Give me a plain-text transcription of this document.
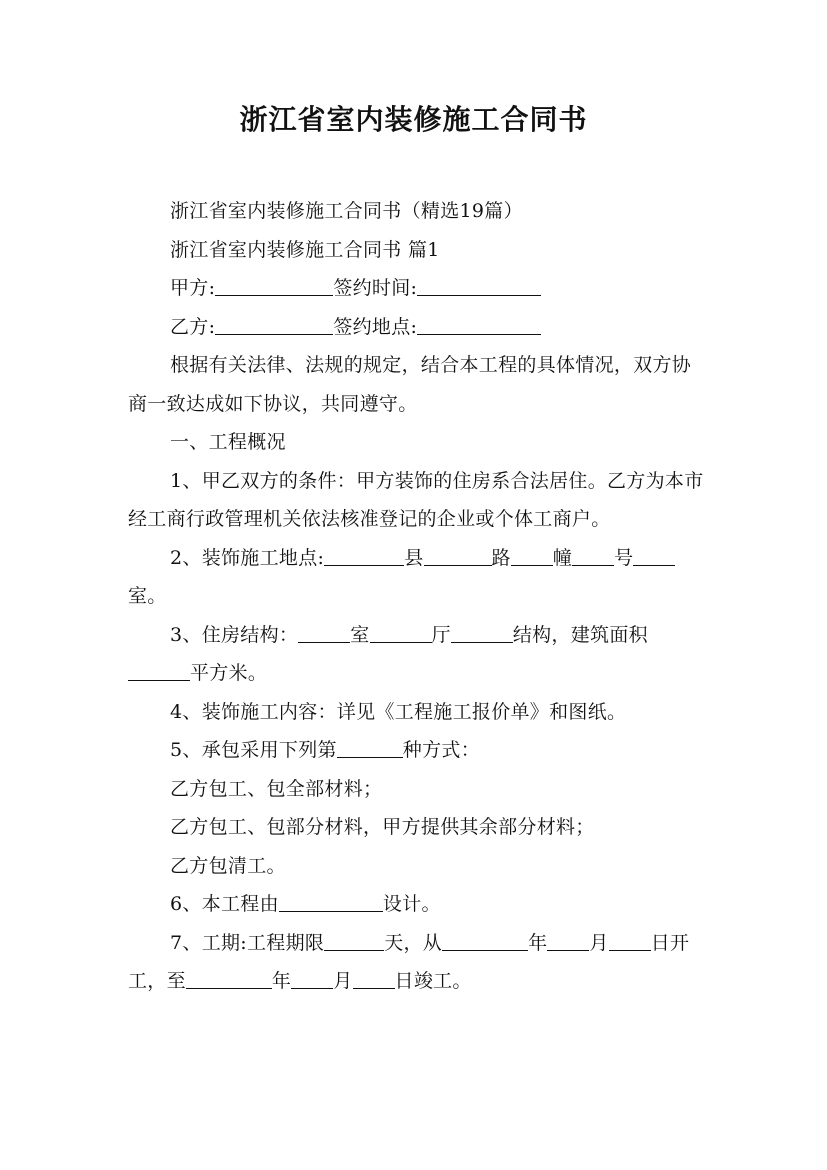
浙江省室内装修施工合同书

浙江省室内装修施工合同书（精选19篇）

浙江省室内装修施工合同书 篇1

甲方:	签约时间:

乙方:	签约地点:

根据有关法律、法规的规定，结合本工程的具体情况，双方协商一致达成如下协议，共同遵守。

一、工程概况

1、甲乙双方的条件：甲方装饰的住房系合法居住。乙方为本市经工商行政管理机关依法核准登记的企业或个体工商户。

2、装饰施工地点:	县	路 幢 号室。

3、住房结构：	室	厅	结构，建筑面积平方米。

4、装饰施工内容：详见《工程施工报价单》和图纸。

5、承包采用下列第	种方式：

乙方包工、包全部材料；

乙方包工、包部分材料，甲方提供其余部分材料；

乙方包清工。

6、本工程由	设计。

7、工期:工程期限	天，从	年 月 日开工，至	年 月 日竣工。
